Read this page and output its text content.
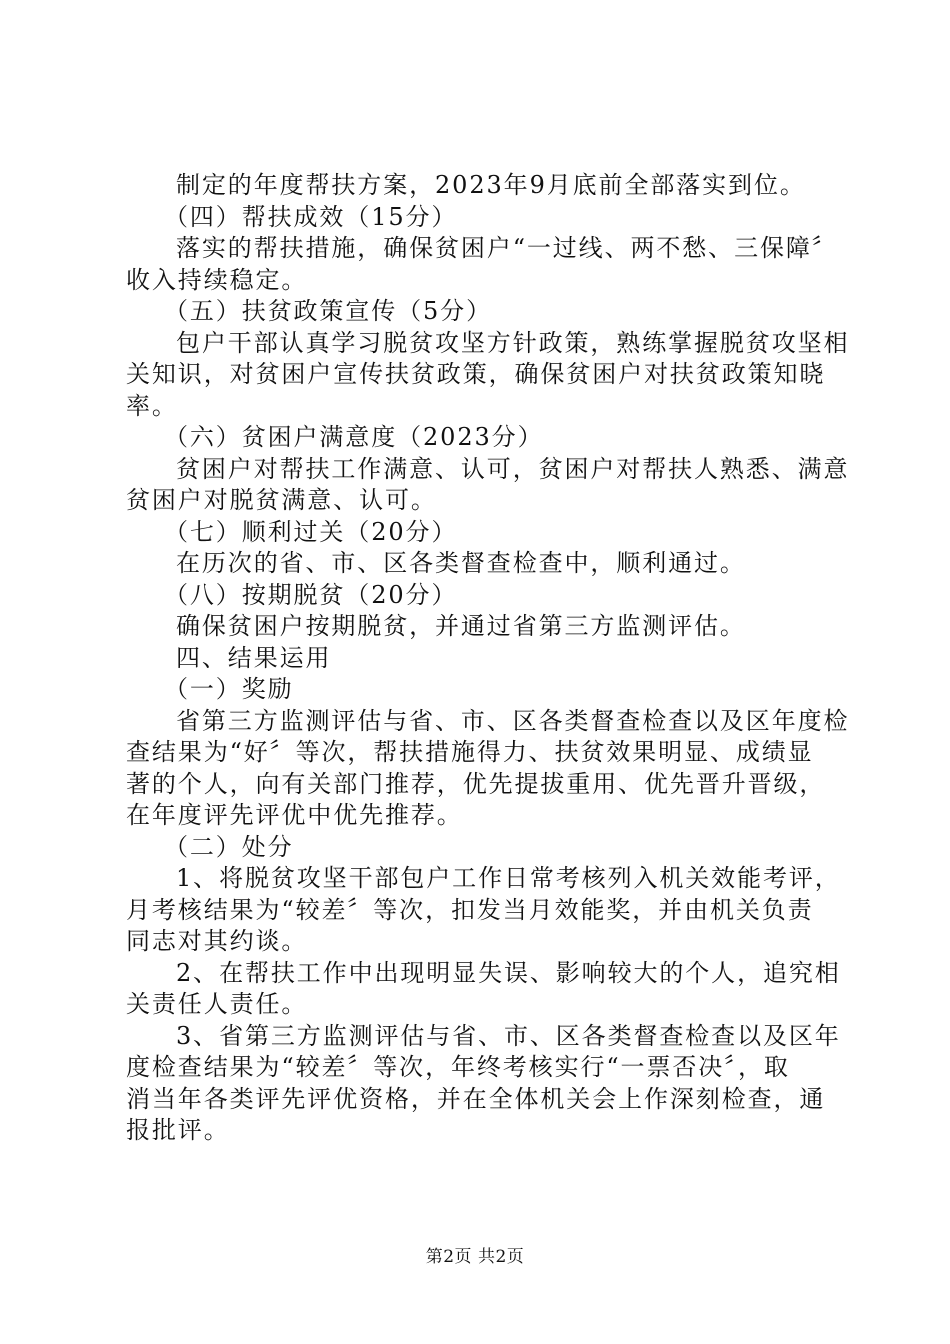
制定的年度帮扶方案，2023年9月底前全部落实到位。
（四）帮扶成效（15分）
落实的帮扶措施，确保贫困户“一过线、两不愁、三保障〞
收入持续稳定。
（五）扶贫政策宣传（5分）
包户干部认真学习脱贫攻坚方针政策，熟练掌握脱贫攻坚相
关知识，对贫困户宣传扶贫政策，确保贫困户对扶贫政策知晓
率。
（六）贫困户满意度（2023分）
贫困户对帮扶工作满意、认可，贫困户对帮扶人熟悉、满意
贫困户对脱贫满意、认可。
（七）顺利过关（20分）
在历次的省、市、区各类督查检查中，顺利通过。
（八）按期脱贫（20分）
确保贫困户按期脱贫，并通过省第三方监测评估。
四、结果运用
（一）奖励
省第三方监测评估与省、市、区各类督查检查以及区年度检
查结果为“好〞等次，帮扶措施得力、扶贫效果明显、成绩显
著的个人，向有关部门推荐，优先提拔重用、优先晋升晋级，
在年度评先评优中优先推荐。
（二）处分
1、将脱贫攻坚干部包户工作日常考核列入机关效能考评，
月考核结果为“较差〞等次，扣发当月效能奖，并由机关负责
同志对其约谈。
2、在帮扶工作中出现明显失误、影响较大的个人，追究相
关责任人责任。
3、省第三方监测评估与省、市、区各类督查检查以及区年
度检查结果为“较差〞等次，年终考核实行“一票否决〞，取
消当年各类评先评优资格，并在全体机关会上作深刻检查，通
报批评。
第2页 共2页
